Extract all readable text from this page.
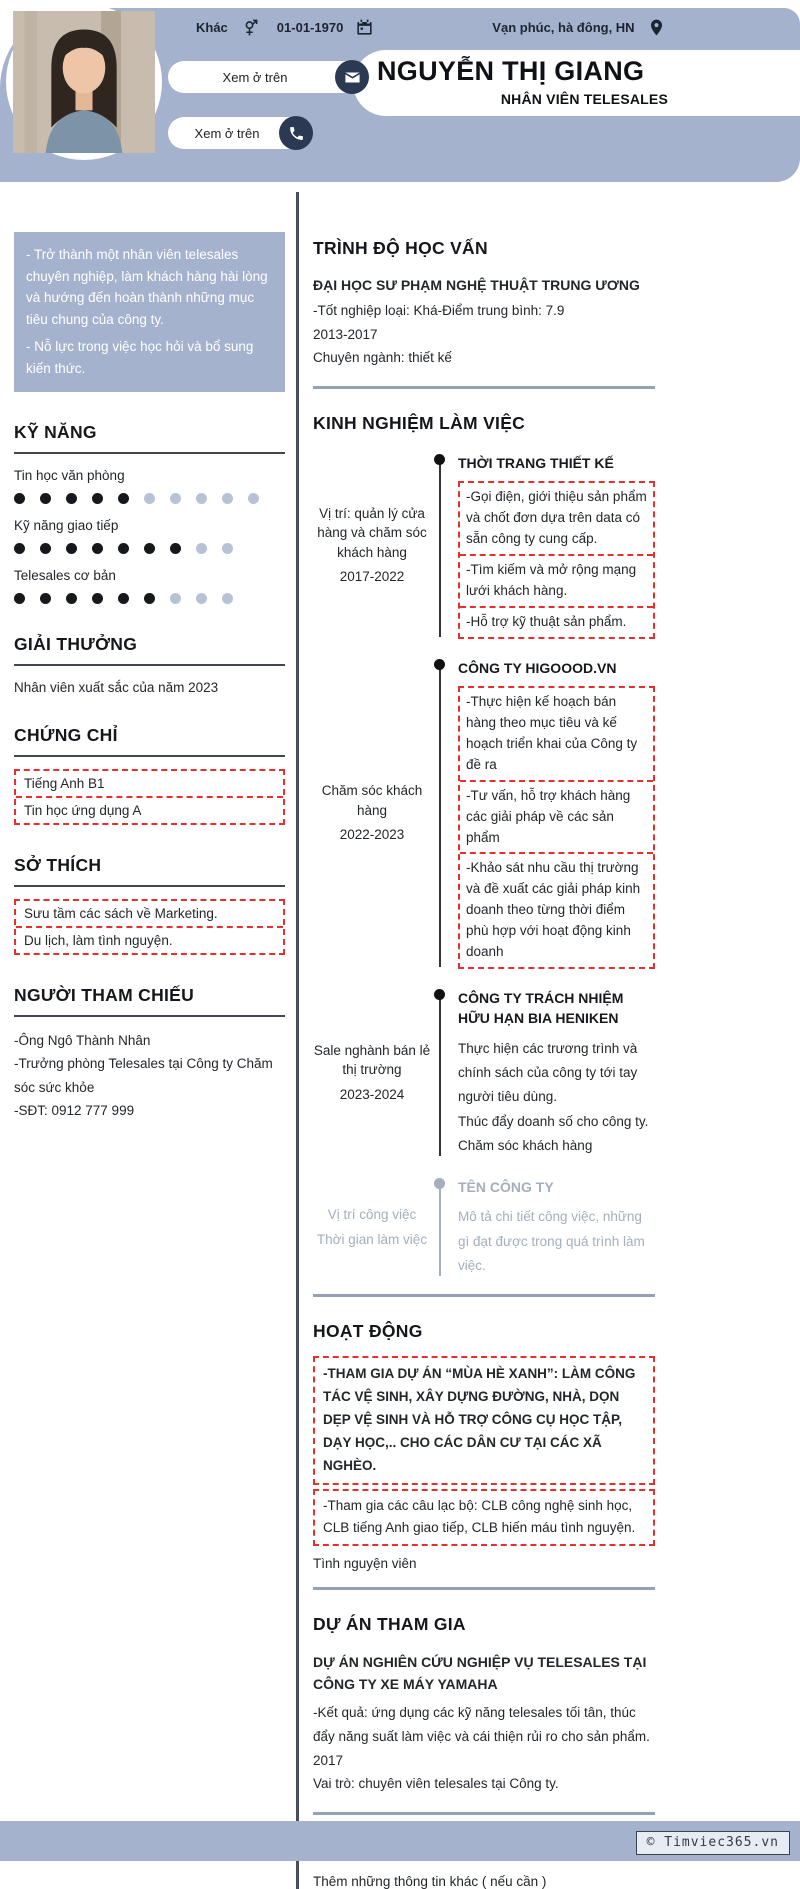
Khác	01-01-1970	Vạn phúc, hà đông, HN
NGUYỄN THỊ GIANG
NHÂN VIÊN TELESALES
Xem ở trên
Xem ở trên

- Trở thành một nhân viên telesales chuyên nghiệp, làm khách hàng hài lòng và hướng đến hoàn thành những mục tiêu chung của công ty.

- Nỗ lực trong việc học hỏi và bổ sung kiến thức.

KỸ NĂNG
Tin học văn phòng
Kỹ năng giao tiếp
Telesales cơ bản
GIẢI THƯỞNG
Nhân viên xuất sắc của năm 2023
CHỨNG CHỈ
Tiếng Anh B1
Tin học ứng dụng A
SỞ THÍCH
Sưu tầm các sách về Marketing.
Du lịch, làm tình nguyện.
NGƯỜI THAM CHIẾU
-Ông Ngô Thành Nhân
-Trưởng phòng Telesales tại Công ty Chăm sóc sức khỏe
-SĐT: 0912 777 999
TRÌNH ĐỘ HỌC VẤN
ĐẠI HỌC SƯ PHẠM NGHỆ THUẬT TRUNG ƯƠNG
-Tốt nghiệp loại: Khá-Điểm trung bình: 7.9
2013-2017
Chuyên ngành: thiết kế
KINH NGHIỆM LÀM VIỆC
Vị trí: quản lý cửa hàng và chăm sóc khách hàng
2017-2022
THỜI TRANG THIẾT KẾ
-Gọi điện, giới thiệu sản phẩm và chốt đơn dựa trên data có sẵn công ty cung cấp.
-Tìm kiếm và mở rộng mạng lưới khách hàng.
-Hỗ trợ kỹ thuật sản phẩm.
Chăm sóc khách hàng
2022-2023
CÔNG TY HIGOOOD.VN
-Thực hiện kế hoạch bán hàng theo mục tiêu và kế hoạch triển khai của Công ty đề ra
-Tư vấn, hỗ trợ khách hàng các giải pháp về các sản phẩm
-Khảo sát nhu cầu thị trường và đề xuất các giải pháp kinh doanh theo từng thời điểm phù hợp với hoạt động kinh doanh
Sale nghành bán lẻ thị trường
2023-2024
CÔNG TY TRÁCH NHIỆM HỮU HẠN BIA HENIKEN
Thực hiện các trương trình và chính sách của công ty tới tay người tiêu dùng.
Thúc đẩy doanh số cho công ty.
Chăm sóc khách hàng
Vị trí công việc
Thời gian làm việc
TÊN CÔNG TY
Mô tả chi tiết công việc, những gì đạt được trong quá trình làm việc.
HOẠT ĐỘNG
-THAM GIA DỰ ÁN “MÙA HÈ XANH”: LÀM CÔNG TÁC VỆ SINH, XÂY DỰNG ĐƯỜNG, NHÀ, DỌN DẸP VỆ SINH VÀ HỖ TRỢ CÔNG CỤ HỌC TẬP, DẠY HỌC,.. CHO CÁC DÂN CƯ TẠI CÁC XÃ NGHÈO.
-Tham gia các câu lạc bộ: CLB công nghệ sinh học, CLB tiếng Anh giao tiếp, CLB hiến máu tình nguyện.
Tình nguyện viên
DỰ ÁN THAM GIA
DỰ ÁN NGHIÊN CỨU NGHIỆP VỤ TELESALES TẠI CÔNG TY XE MÁY YAMAHA
-Kết quả: ứng dụng các kỹ năng telesales tối tân, thúc đẩy năng suất làm việc và cái thiện rủi ro cho sản phẩm.
2017
Vai trò: chuyên viên telesales tại Công ty.
Thêm những thông tin khác ( nếu cần )
© Timviec365.vn
